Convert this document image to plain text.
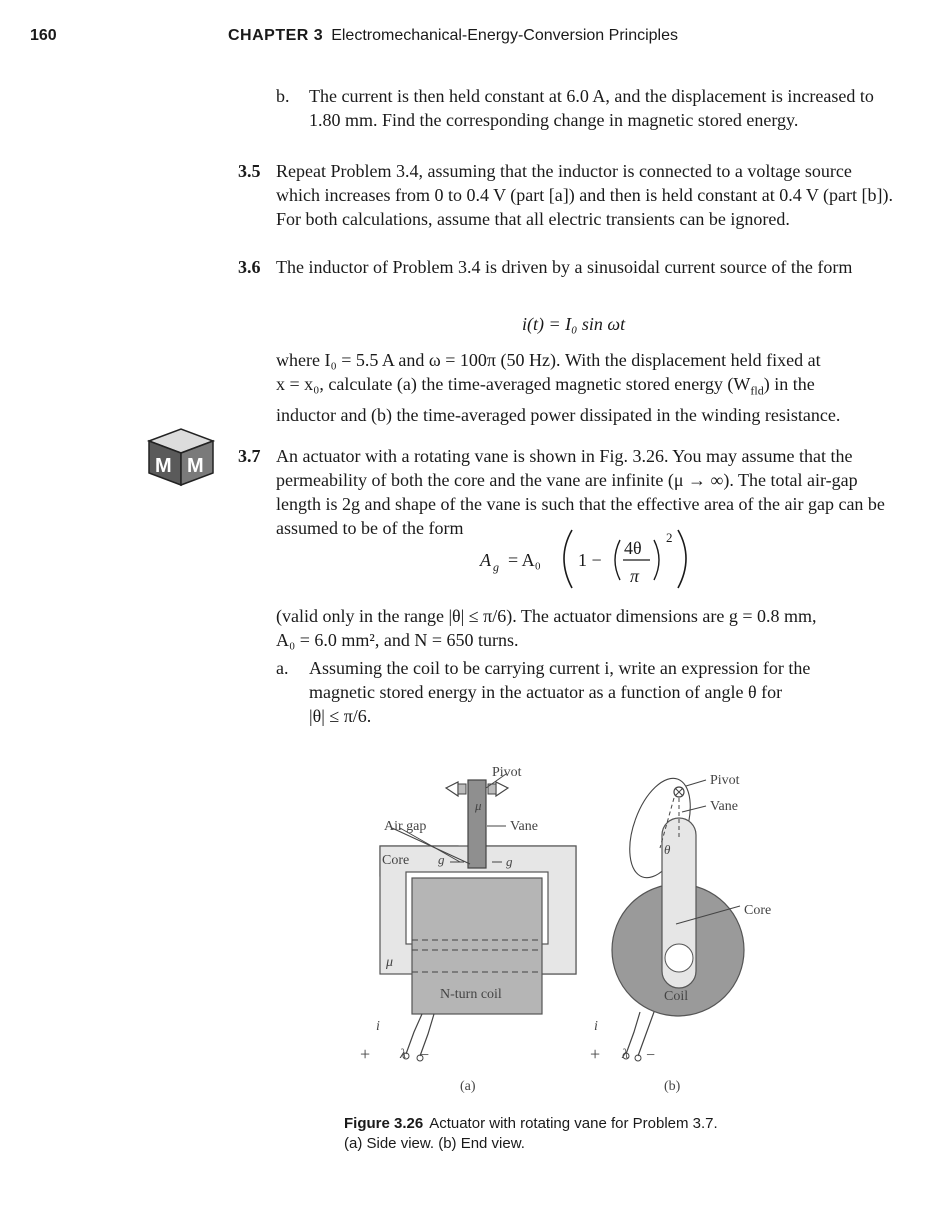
160	CHAPTER 3 Electromechanical-Energy-Conversion Principles
b.	The current is then held constant at 6.0 A, and the displacement is increased to 1.80 mm. Find the corresponding change in magnetic stored energy.
3.5 Repeat Problem 3.4, assuming that the inductor is connected to a voltage source which increases from 0 to 0.4 V (part [a]) and then is held constant at 0.4 V (part [b]). For both calculations, assume that all electric transients can be ignored.
3.6 The inductor of Problem 3.4 is driven by a sinusoidal current source of the form
i(t) = I₀ sin ωt
where I₀ = 5.5 A and ω = 100π (50 Hz). With the displacement held fixed at
x = x₀, calculate (a) the time-averaged magnetic stored energy $(W_{fld})$ in the
inductor and (b) the time-averaged power dissipated in the winding resistance.
M M 3.7 An actuator with a rotating vane is shown in Fig. 3.26. You may assume that the permeability of both the core and the vane are infinite (μ → ∞). The total air-gap length is 2g and shape of the vane is such that the effective area of the air gap can be assumed to be of the form
A g = A₀ 1 −
4θ
π
2
(valid only in the range |θ| ≤ π/6). The actuator dimensions are g = 0.8 mm,
A₀ = 6.0 mm², and N = 650 turns.
a.	Assuming the coil to be carrying current i, write an expression for the
magnetic stored energy in the actuator as a function of angle θ for
|θ| ≤ π/6.
Pivot
μ
Air gap	Vane
Core g	g
μ
N-turn coil
i
+ λ −
(a)
Pivot
Vane
θ
Core
Coil
i
+ λ −
(b)
Figure 3.26 Actuator with rotating vane for Problem 3.7. (a) Side view. (b) End view.
